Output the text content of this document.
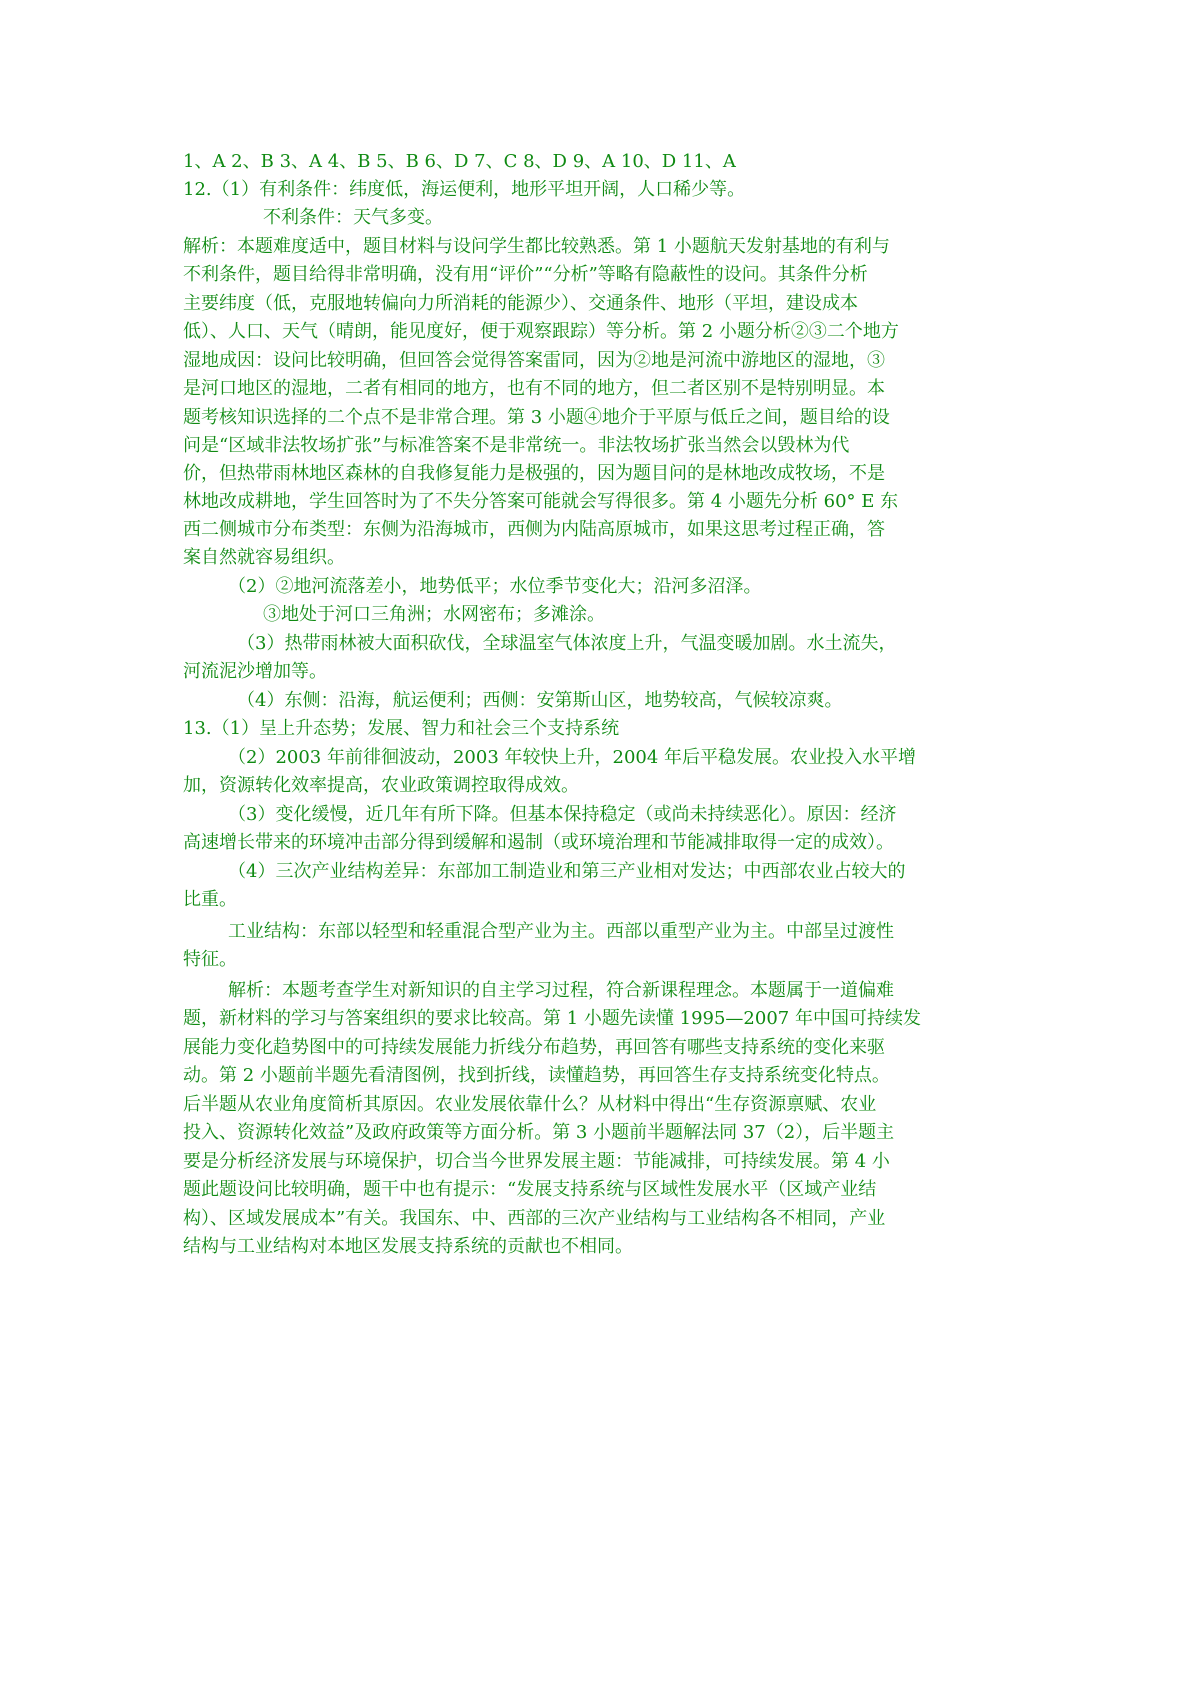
1、A 2、B 3、A 4、B 5、B 6、D 7、C 8、D 9、A 10、D 11、A
12.（1）有利条件：纬度低，海运便利，地形平坦开阔，人口稀少等。
不利条件：天气多变。
解析：本题难度适中，题目材料与设问学生都比较熟悉。第 1 小题航天发射基地的有利与
不利条件，题目给得非常明确，没有用“评价”“分析”等略有隐蔽性的设问。其条件分析
主要纬度（低，克服地转偏向力所消耗的能源少）、交通条件、地形（平坦，建设成本
低）、人口、天气（晴朗，能见度好，便于观察跟踪）等分析。第 2 小题分析②③二个地方
湿地成因：设问比较明确，但回答会觉得答案雷同，因为②地是河流中游地区的湿地，③
是河口地区的湿地，二者有相同的地方，也有不同的地方，但二者区别不是特别明显。本
题考核知识选择的二个点不是非常合理。第 3 小题④地介于平原与低丘之间，题目给的设
问是“区域非法牧场扩张”与标准答案不是非常统一。非法牧场扩张当然会以毁林为代
价，但热带雨林地区森林的自我修复能力是极强的，因为题目问的是林地改成牧场，不是
林地改成耕地，学生回答时为了不失分答案可能就会写得很多。第 4 小题先分析 60° E 东
西二侧城市分布类型：东侧为沿海城市，西侧为内陆高原城市，如果这思考过程正确，答
案自然就容易组织。
（2）②地河流落差小，地势低平；水位季节变化大；沿河多沼泽。
③地处于河口三角洲；水网密布；多滩涂。
（3）热带雨林被大面积砍伐，全球温室气体浓度上升，气温变暖加剧。水土流失，
河流泥沙增加等。
（4）东侧：沿海，航运便利；西侧：安第斯山区，地势较高，气候较凉爽。
13.（1）呈上升态势；发展、智力和社会三个支持系统
（2）2003 年前徘徊波动，2003 年较快上升，2004 年后平稳发展。农业投入水平增
加，资源转化效率提高，农业政策调控取得成效。
（3）变化缓慢，近几年有所下降。但基本保持稳定（或尚未持续恶化）。原因：经济
高速增长带来的环境冲击部分得到缓解和遏制（或环境治理和节能减排取得一定的成效）。
（4）三次产业结构差异：东部加工制造业和第三产业相对发达；中西部农业占较大的
比重。
工业结构：东部以轻型和轻重混合型产业为主。西部以重型产业为主。中部呈过渡性
特征。
解析：本题考查学生对新知识的自主学习过程，符合新课程理念。本题属于一道偏难
题，新材料的学习与答案组织的要求比较高。第 1 小题先读懂 1995—2007 年中国可持续发
展能力变化趋势图中的可持续发展能力折线分布趋势，再回答有哪些支持系统的变化来驱
动。第 2 小题前半题先看清图例，找到折线，读懂趋势，再回答生存支持系统变化特点。
后半题从农业角度简析其原因。农业发展依靠什么？从材料中得出“生存资源禀赋、农业
投入、资源转化效益”及政府政策等方面分析。第 3 小题前半题解法同 37（2），后半题主
要是分析经济发展与环境保护，切合当今世界发展主题：节能减排，可持续发展。第 4 小
题此题设问比较明确，题干中也有提示：“发展支持系统与区域性发展水平（区域产业结
构）、区域发展成本”有关。我国东、中、西部的三次产业结构与工业结构各不相同，产业
结构与工业结构对本地区发展支持系统的贡献也不相同。
